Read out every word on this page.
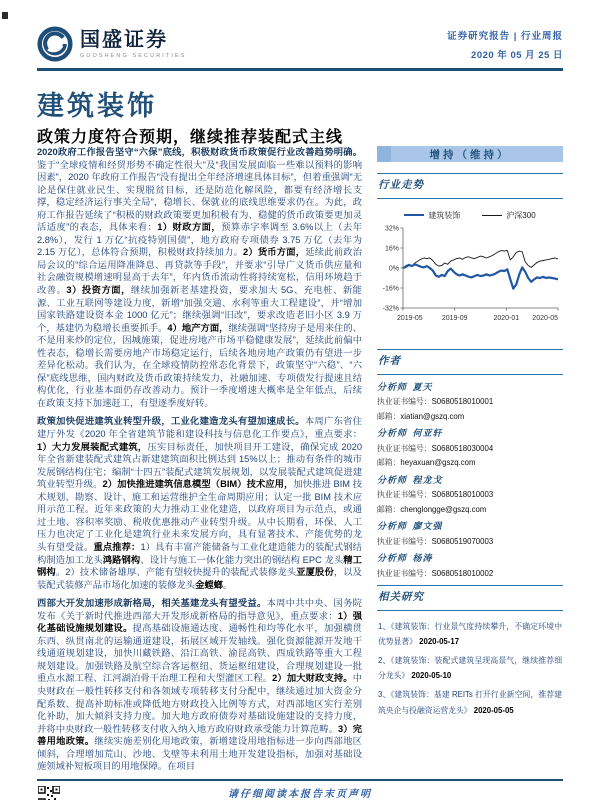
国盛证券
GUOSHENG SECURITIES
证券研究报告 | 行业周报
2020 年 05 月 25 日
建筑装饰
政策力度符合预期，继续推荐装配式主线

2020政府工作报告坚守“六保”底线，积极财政货币政策促行业改善趋势明确。鉴于“全球疫情和经贸形势不确定性很大”及“我国发展面临一些难以预料的影响因素”，2020 年政府工作报告“没有提出全年经济增速具体目标”，但着重强调“无论是保住就业民生、实现脱贫目标，还是防范化解风险，都要有经济增长支撑，稳定经济运行事关全局”，稳增长、保就业的底线思维要求仍在。为此，政府工作报告延续了“积极的财政政策要更加积极有为、稳健的货币政策要更加灵活适度”的表态，具体来看：1）财政方面，预算赤字率调至 3.6%以上（去年 2.8%），发行 1 万亿“抗疫特别国债”，地方政府专项债券 3.75 万亿（去年为 2.15 万亿），总体符合预期，积极财政持续加力。2）货币方面，延续此前政治局会议的“综合运用降准降息、再贷款等手段”，并要求“引导广义货币供应量和社会融资规模增速明显高于去年”，年内货币流动性将持续宽松，信用环境趋于改善。3）投资方面，继续加强新老基建投资，要求加大 5G、充电桩、新能源、工业互联网等建设力度，新增“加强交通、水利等重大工程建设”，并“增加国家铁路建设资本金 1000 亿元”；继续强调“旧改”，要求改造老旧小区 3.9 万个，基建仍为稳增长重要抓手。4）地产方面，继续强调“坚持房子是用来住的、不是用来炒的定位，因城施策，促进房地产市场平稳健康发展”，延续此前偏中性表态，稳增长需要房地产市场稳定运行，后续各地房地产政策仍有望进一步差异化松动。我们认为，在全球疫情防控常态化背景下，政策坚守“六稳”、“六保”底线思维，国内财政及货币政策持续发力，社融加速、专项债发行提速且结构优化，行业基本面仍存改善动力。预计一季度增速大概率是全年低点，后续在政策支持下加速赶工，有望逐季度好转。

政策加快促进建筑业转型升级，工业化建造龙头有望加速成长。本周广东省住建厅外发《2020 年全省建筑节能和建设科技与信息化工作要点》，重点要求：1）大力发展装配式建筑，压实目标责任，加快项目开工建设，确保完成 2020 年全省新建装配式建筑占新建建筑面积比例达到 15%以上；推动有条件的城市发展钢结构住宅；编制“十四五”装配式建筑发展规划，以发展装配式建筑促进建筑业转型升级。2）加快推进建筑信息模型（BIM）技术应用，加快推进 BIM 技术规划、勘察、设计、施工和运营维护全生命周期应用；认定一批 BIM 技术应用示范工程。近年来政策的大力推动工业化建造，以政府项目为示范点，或通过土地、容积率奖励、税收优惠推动产业转型升级。从中长期看，环保、人工压力也决定了工业化是建筑行业未来发展方向，具有显著技术、产能优势的龙头有望受益。重点推荐：1）具有丰富产能储备与工业化建造能力的装配式钢结构制造加工龙头鸿路钢构、设计与施工一体化能力突出的钢结构 EPC 龙头精工钢构。2）技术储备雄厚、产能有望较快提升的装配式装修龙头亚厦股份，以及装配式装修产品市场化加速的装修龙头金螳螂。

西部大开发加速形成新格局，相关基建龙头有望受益。本周中共中央、国务院发布《关于新时代推进西部大开发形成新格局的指导意见》，重点要求：1）强化基础设施规划建设。提高基础设施通达度、通畅性和均等化水平，加强横贯东西、纵贯南北的运输通道建设，拓展区域开发轴线。强化资源能源开发地干线通道规划建设，加快川藏铁路、沿江高铁、渝昆高铁、西成铁路等重大工程规划建设。加强铁路及航空综合客运枢纽、货运枢纽建设，合理规划建设一批重点水源工程、江河湖泊骨干治理工程和大型灌区工程。2）加大财政支持。中央财政在一般性转移支付和各领域专项转移支付分配中，继续通过加大资金分配系数、提高补助标准或降低地方财政投入比例等方式，对西部地区实行差别化补助，加大倾斜支持力度。加大地方政府债券对基础设施建设的支持力度，并将中央财政一般性转移支付收入纳入地方政府财政承受能力计算范畴。3）完善用地政策。继续实施差别化用地政策，新增建设用地指标进一步向西部地区倾斜，合理增加荒山、沙地、戈壁等未利用土地开发建设指标，加强对基础设施领域补短板项目的用地保障。在项目

增持（维持）
行业走势
建筑装饰	沪深300
32%
16%
0%
-16%
-32%
2019-05	2019-09	2020-01 2020-05
作者
分析师 夏天
执业证书编号：S0680518010001
邮箱：xiatian@gszq.com
分析师 何亚轩
执业证书编号：S0680518030004
邮箱：heyaxuan@gszq.com
分析师 程龙戈
执业证书编号：S0680518010003
邮箱：chenglongge@gszq.com
分析师 廖文强
执业证书编号：S0680519070003
分析师 杨涛
执业证书编号：S0680518010002
相关研究
1、《建筑装饰：行业景气度持续攀升，不确定环境中优势显著》 2020-05-17
2、《建筑装饰：装配式建筑呈现高景气，继续推荐细分龙头》 2020-05-10
3、《建筑装饰：基建 REITs 打开行业新空间，推荐建筑央企与投融资运营龙头》 2020-05-05
请仔细阅读本报告末页声明
